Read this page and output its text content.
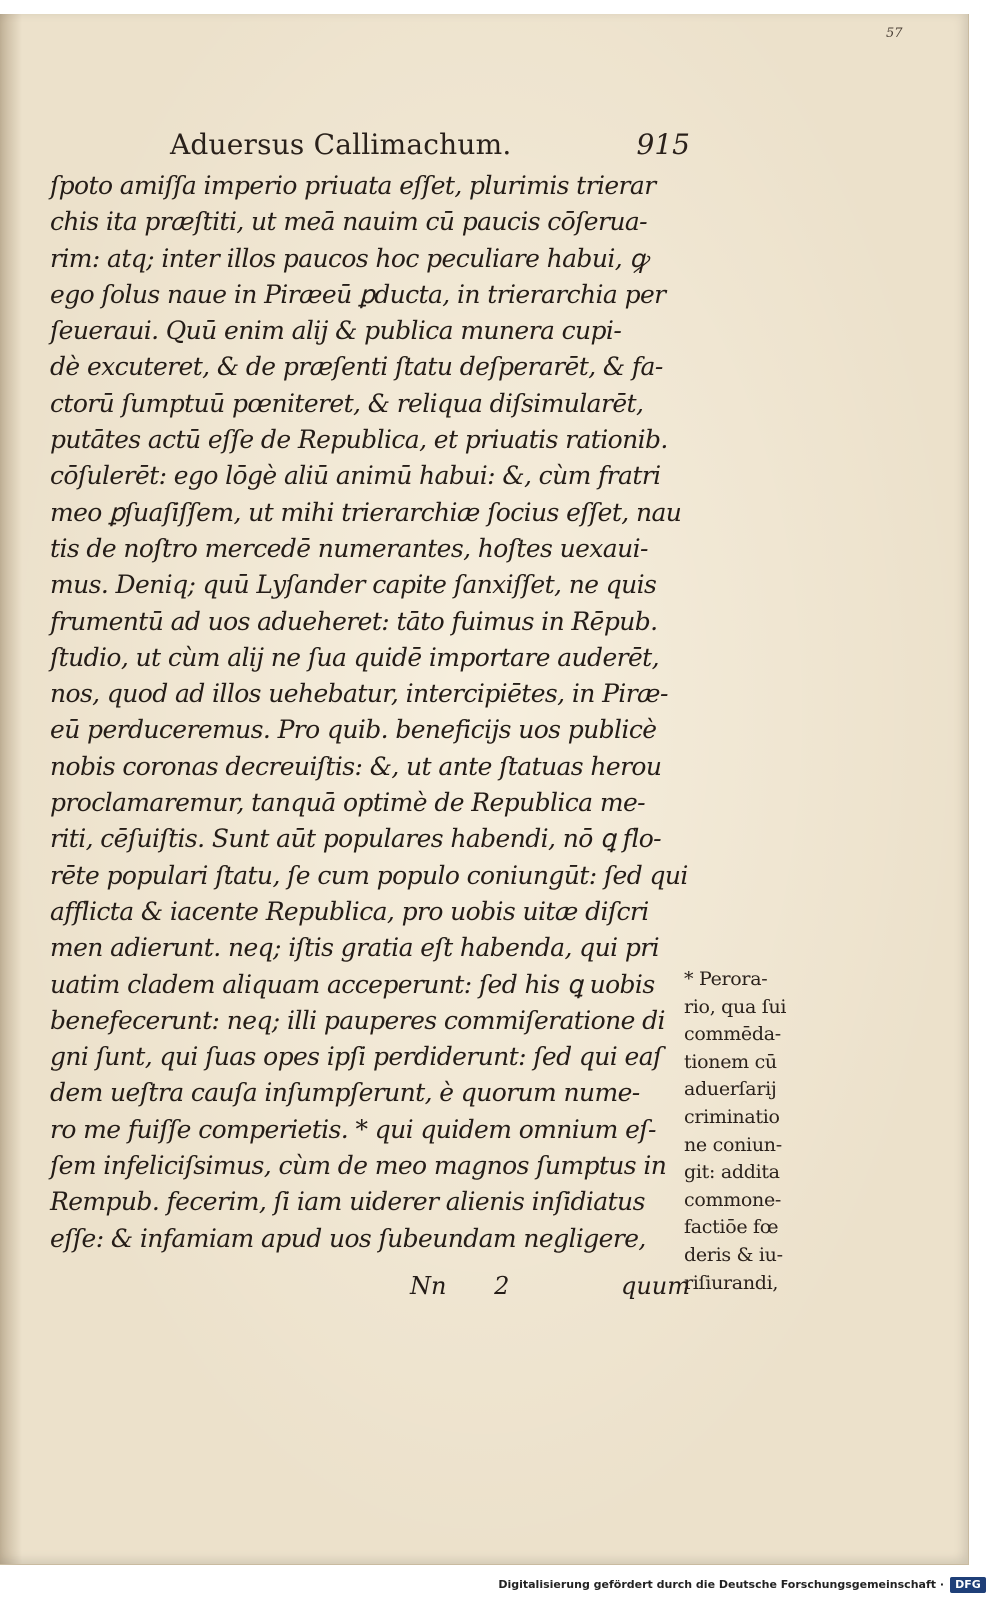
57

Aduersus Callimachum.	915
ſpoto amiſſa imperio priuata eſſet, plurimis trierar
chis ita præſtiti, ut meā nauim cū paucis cōſerua-
rim: atq; inter illos paucos hoc peculiare habui, ꝙ
ego ſolus naue in Piræeū ꝑducta, in trierarchia per
ſeueraui. Quū enim alij & publica munera cupi-
dè excuteret, & de præſenti ſtatu deſperarēt, & fa-
ctorū ſumptuū pœniteret, & reliqua diſsimularēt,
putātes actū eſſe de Republica, et priuatis rationib.
cōſulerēt: ego lōgè aliū animū habui: &, cùm fratri
meo ꝑſuaſiſſem, ut mihi trierarchiæ ſocius eſſet, nau
tis de noſtro mercedē numerantes, hoſtes uexaui-
mus. Deniq; quū Lyſander capite ſanxiſſet, ne quis
frumentū ad uos adueheret: tāto fuimus in Rēpub.
ſtudio, ut cùm alij ne ſua quidē importare auderēt,
nos, quod ad illos uehebatur, intercipiētes, in Piræ-
eū perduceremus. Pro quib. beneficijs uos publicè
nobis coronas decreuiſtis: &, ut ante ſtatuas herou
proclamaremur, tanquā optimè de Republica me-
riti, cēſuiſtis. Sunt aūt populares habendi, nō ꝗ flo-
rēte populari ſtatu, ſe cum populo coniungūt: ſed qui
afflicta & iacente Republica, pro uobis uitæ diſcri
men adierunt. neq; iſtis gratia eſt habenda, qui pri
uatim cladem aliquam acceperunt: ſed his ꝗ uobis
benefecerunt: neq; illi pauperes commiſeratione di
gni ſunt, qui ſuas opes ipſi perdiderunt: ſed qui eaſ
dem ueſtra cauſa inſumpſerunt, è quorum nume-
ro me fuiſſe comperietis. * qui quidem omnium eſ-
ſem infeliciſsimus, cùm de meo magnos ſumptus in
Rempub. fecerim, ſi iam uiderer alienis inſidiatus
eſſe: & infamiam apud uos ſubeundam negligere,
Nn 2	quum
* Perora-
rio, qua ſui
commēda-
tionem cū
aduerſarij
criminatio
ne coniun-
git: addita
commone-
factiōe fœ
deris & iu-
riſiurandi,
Digitalisierung gefördert durch die Deutsche Forschungsgemeinschaft ·	DFG
